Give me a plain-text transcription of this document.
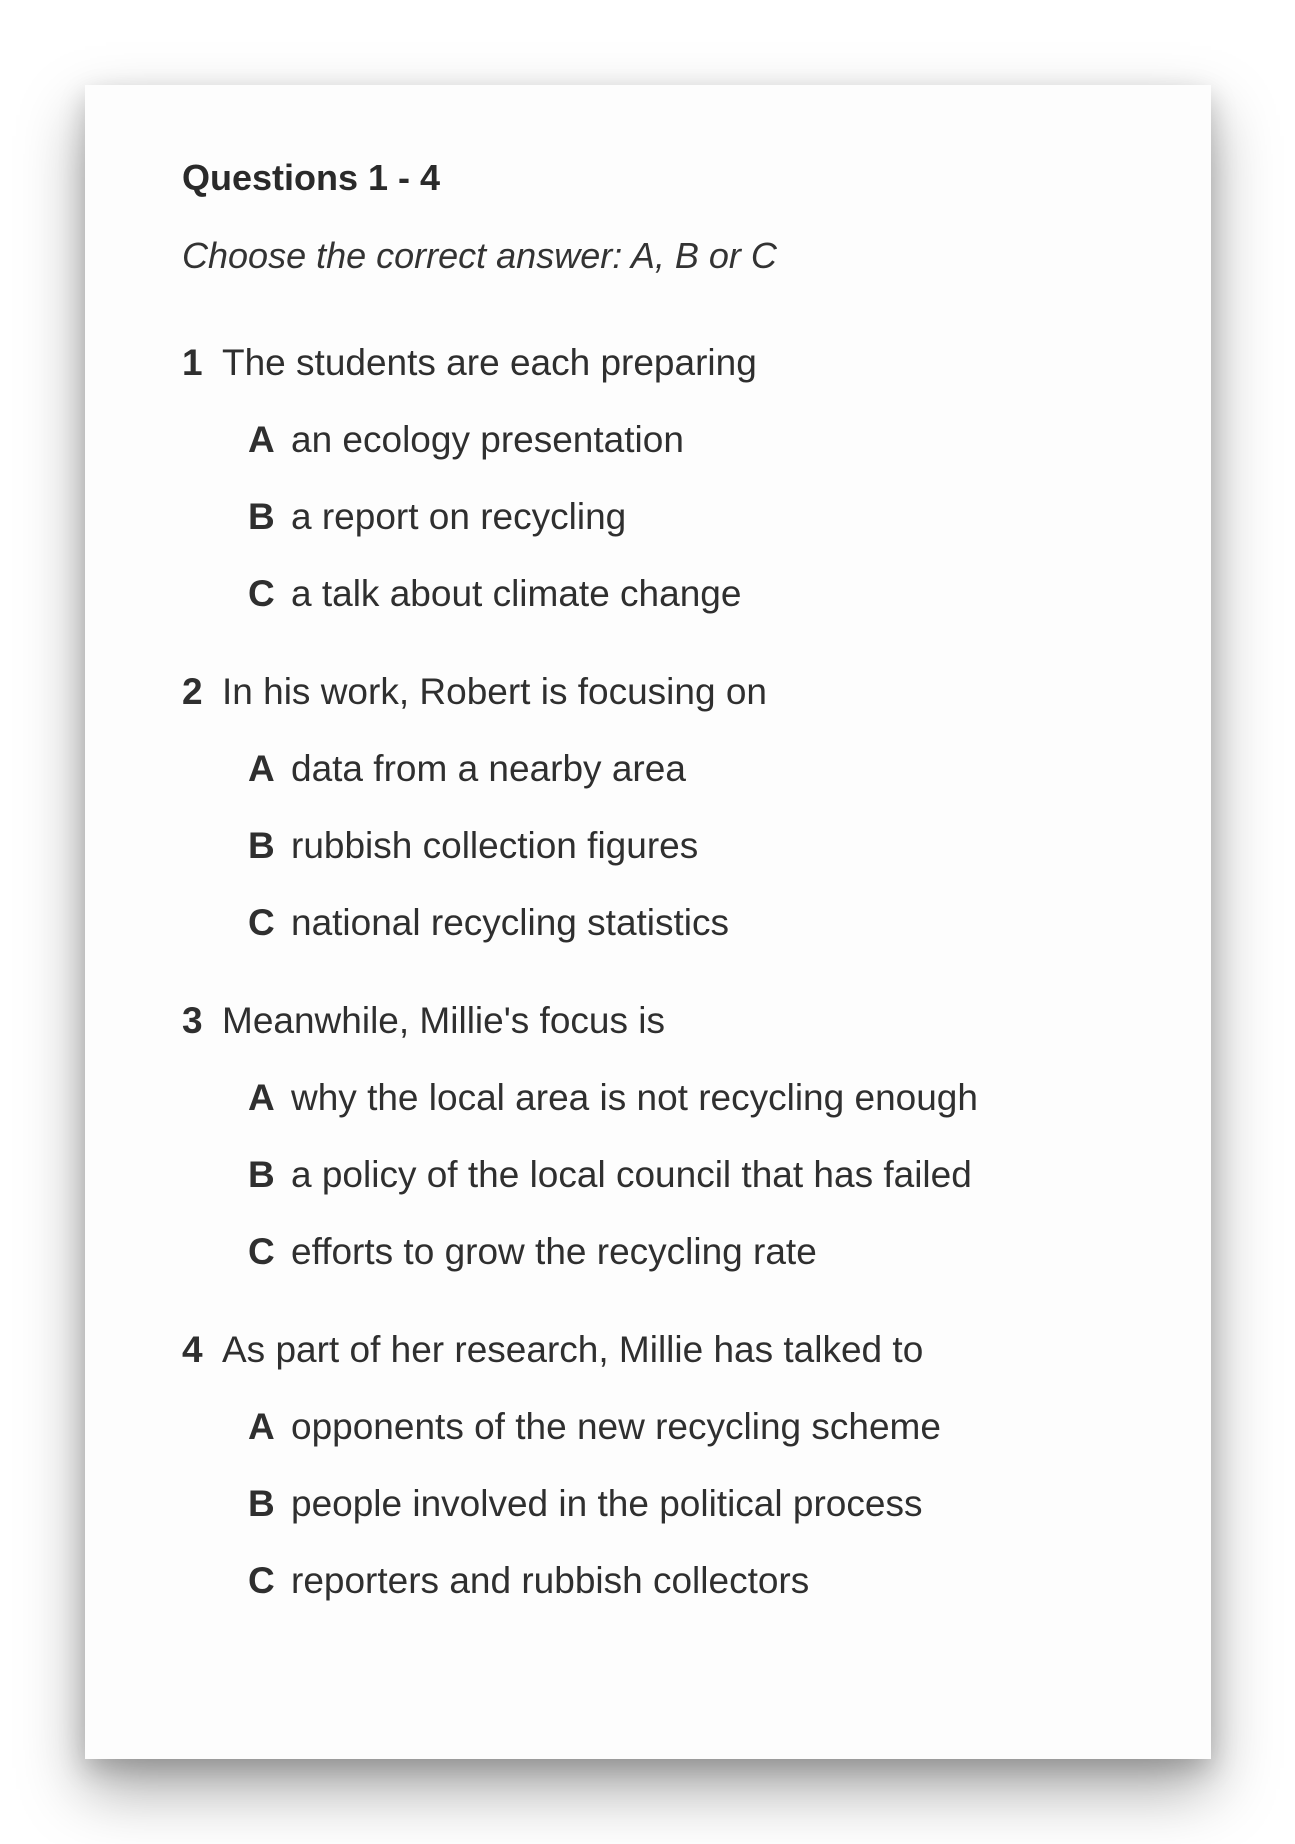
Questions 1 - 4
Choose the correct answer: A, B or C
1 The students are each preparing
A an ecology presentation
B a report on recycling
C a talk about climate change
2 In his work, Robert is focusing on
A data from a nearby area
B rubbish collection figures
C national recycling statistics
3 Meanwhile, Millie's focus is
A why the local area is not recycling enough
B a policy of the local council that has failed
C efforts to grow the recycling rate
4 As part of her research, Millie has talked to
A opponents of the new recycling scheme
B people involved in the political process
C reporters and rubbish collectors
